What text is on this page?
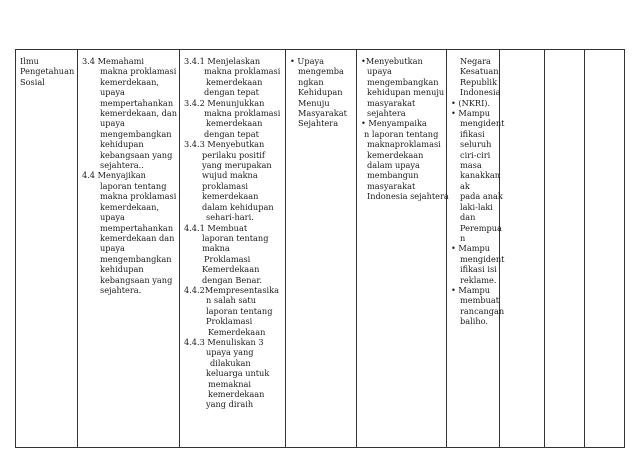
Ilmu
Pengetahuan
Sosial

3.4 Memahami
makna proklamasi
kemerdekaan,
upaya
mempertahankan
kemerdekaan, dan
upaya
mengembangkan
kehidupan
kebangsaan yang
sejahtera..
4.4 Menyajikan
laporan tentang
makna proklamasi
kemerdekaan,
upaya
mempertahankan
kemerdekaan dan
upaya
mengembangkan
kehidupan
kebangsaan yang
sejahtera.

3.4.1 Menjelaskan
makna proklamasi
kemerdekaan
dengan tepat
3.4.2 Menunjukkan
makna proklamasi
kemerdekaan
dengan tepat
3.4.3 Menyebutkan
perilaku positif
yang merupakan
wujud makna
proklamasi
kemerdekaan
dalam kehidupan
sehari-hari.
4.4.1 Membuat
laporan tentang
makna
Proklamasi
Kemerdekaan
dengan Benar.
4.4.2Mempresentasika
n salah satu
laporan tentang
Proklamasi
Kemerdekaan
4.4.3 Menuliskan 3
upaya yang
dilakukan
keluarga untuk
memaknai
kemerdekaan
yang diraih

• Upaya
mengemba
ngkan
Kehidupan
Menuju
Masyarakat
Sejahtera

•Menyebutkan
upaya
mengembangkan
kehidupan menuju
masyarakat
sejahtera
• Menyampaika
n laporan tentang
maknaproklamasi
kemerdekaan
dalam upaya
membangun
masyarakat
Indonesia sejahtera

Negara
Kesatuan
Republik
Indonesia
• (NKRI).
• Mampu
mengident
ifikasi
seluruh
ciri-ciri
masa
kanakkan
ak
pada anak
laki-laki
dan
Perempua
n
• Mampu
mengident
ifikasi isi
reklame.
• Mampu
membuat
rancangan
baliho.
